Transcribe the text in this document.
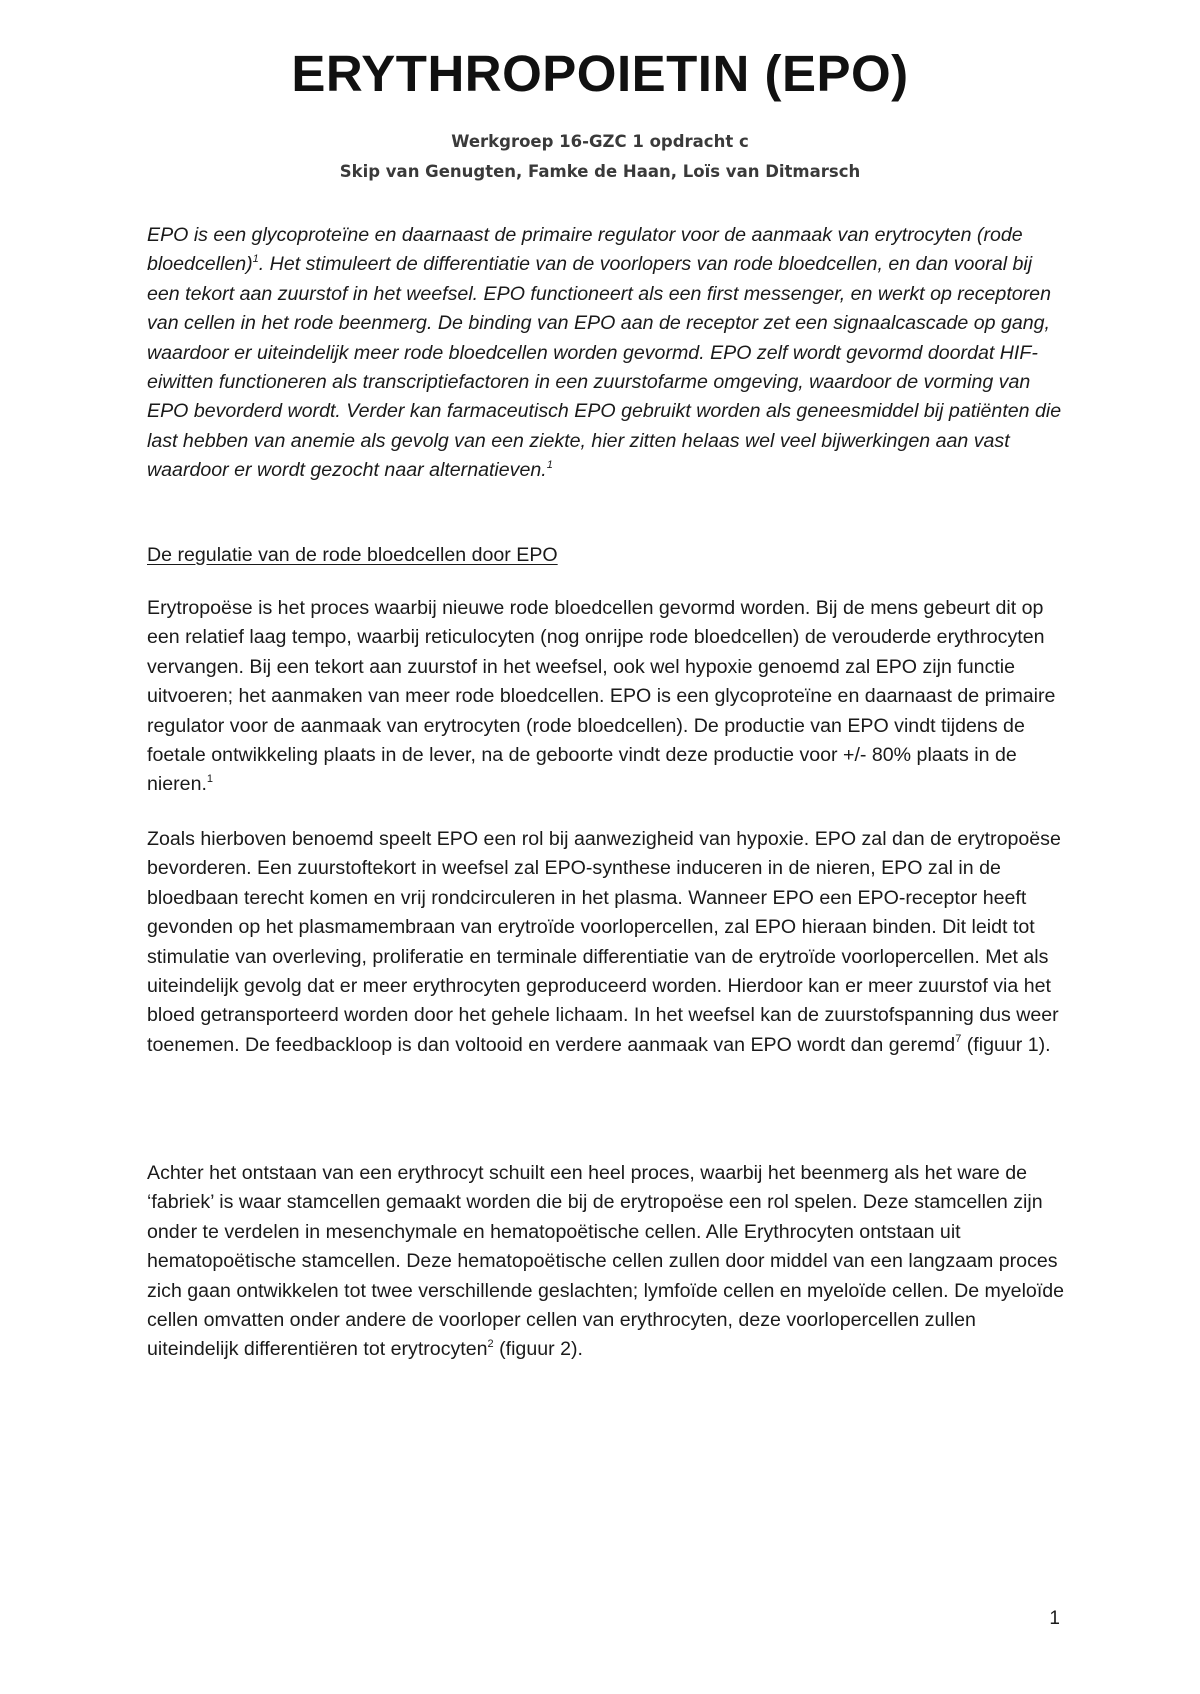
ERYTHROPOIETIN (EPO)

Werkgroep 16-GZC 1 opdracht c

Skip van Genugten, Famke de Haan, Loïs van Ditmarsch

EPO is een glycoproteïne en daarnaast de primaire regulator voor de aanmaak van erytrocyten (rode bloedcellen)$^1$. Het stimuleert de differentiatie van de voorlopers van rode bloedcellen, en dan vooral bij een tekort aan zuurstof in het weefsel. EPO functioneert als een first messenger, en werkt op receptoren van cellen in het rode beenmerg. De binding van EPO aan de receptor zet een signaalcascade op gang, waardoor er uiteindelijk meer rode bloedcellen worden gevormd. EPO zelf wordt gevormd doordat HIF-eiwitten functioneren als transcriptiefactoren in een zuurstofarme omgeving, waardoor de vorming van EPO bevorderd wordt. Verder kan farmaceutisch EPO gebruikt worden als geneesmiddel bij patiënten die last hebben van anemie als gevolg van een ziekte, hier zitten helaas wel veel bijwerkingen aan vast waardoor er wordt gezocht naar alternatieven.$^1$

De regulatie van de rode bloedcellen door EPO

Erytropoëse is het proces waarbij nieuwe rode bloedcellen gevormd worden. Bij de mens gebeurt dit op een relatief laag tempo, waarbij reticulocyten (nog onrijpe rode bloedcellen) de verouderde erythrocyten vervangen. Bij een tekort aan zuurstof in het weefsel, ook wel hypoxie genoemd zal EPO zijn functie uitvoeren; het aanmaken van meer rode bloedcellen. EPO is een glycoproteïne en daarnaast de primaire regulator voor de aanmaak van erytrocyten (rode bloedcellen). De productie van EPO vindt tijdens de foetale ontwikkeling plaats in de lever, na de geboorte vindt deze productie voor +/- 80% plaats in de nieren.$^1$

Zoals hierboven benoemd speelt EPO een rol bij aanwezigheid van hypoxie. EPO zal dan de erytropoëse bevorderen. Een zuurstoftekort in weefsel zal EPO-synthese induceren in de nieren, EPO zal in de bloedbaan terecht komen en vrij rondcirculeren in het plasma. Wanneer EPO een EPO-receptor heeft gevonden op het plasmamembraan van erytroïde voorlopercellen, zal EPO hieraan binden. Dit leidt tot stimulatie van overleving, proliferatie en terminale differentiatie van de erytroïde voorlopercellen. Met als uiteindelijk gevolg dat er meer erythrocyten geproduceerd worden. Hierdoor kan er meer zuurstof via het bloed getransporteerd worden door het gehele lichaam. In het weefsel kan de zuurstofspanning dus weer toenemen. De feedbackloop is dan voltooid en verdere aanmaak van EPO wordt dan geremd$^7$ (figuur 1).

Achter het ontstaan van een erythrocyt schuilt een heel proces, waarbij het beenmerg als het ware de ‘fabriek’ is waar stamcellen gemaakt worden die bij de erytropoëse een rol spelen. Deze stamcellen zijn onder te verdelen in mesenchymale en hematopoëtische cellen. Alle Erythrocyten ontstaan uit hematopoëtische stamcellen. Deze hematopoëtische cellen zullen door middel van een langzaam proces zich gaan ontwikkelen tot twee verschillende geslachten; lymfoïde cellen en myeloïde cellen. De myeloïde cellen omvatten onder andere de voorloper cellen van erythrocyten, deze voorlopercellen zullen uiteindelijk differentiëren tot erytrocyten$^2$ (figuur 2).

1
